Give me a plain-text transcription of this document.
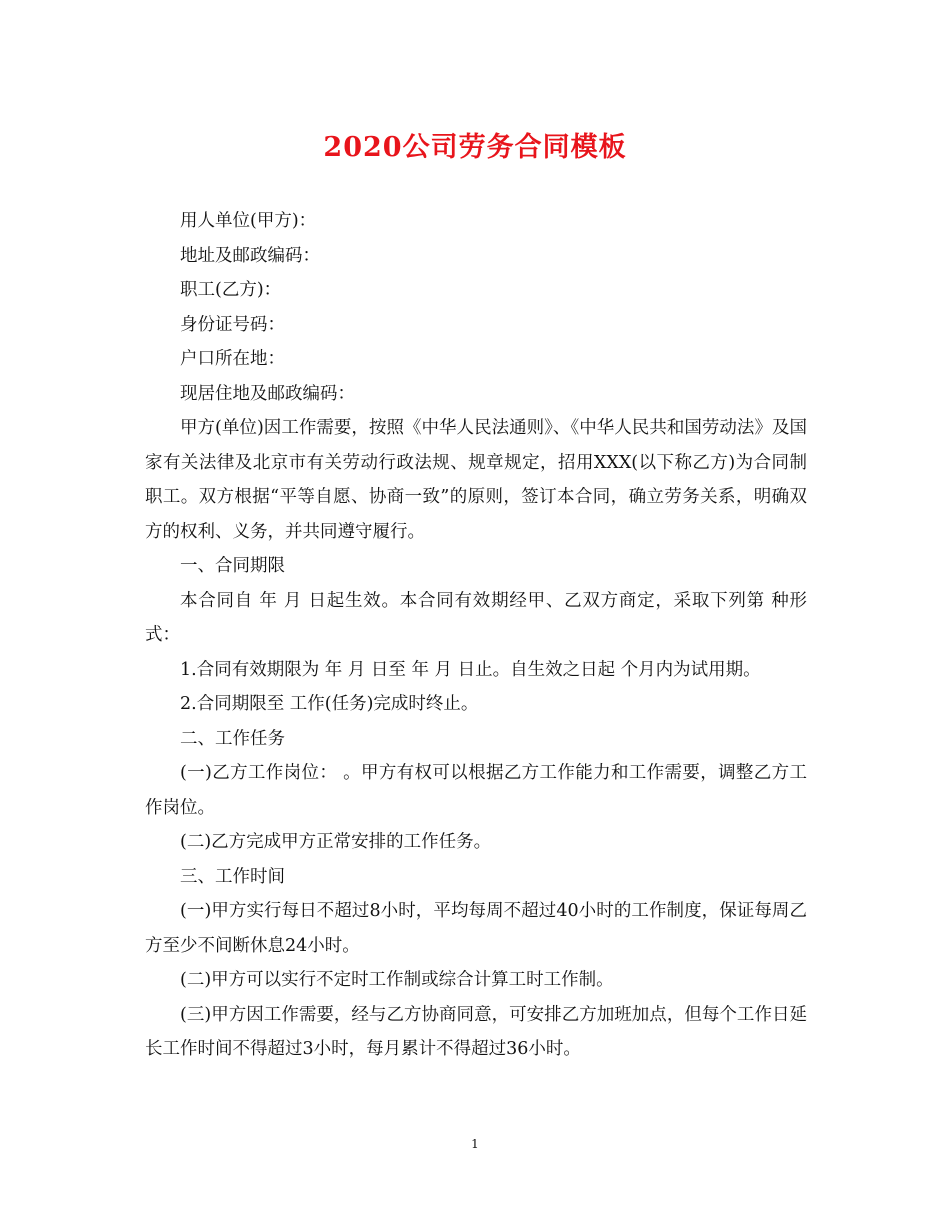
2020公司劳务合同模板

用人单位(甲方)：

地址及邮政编码：

职工(乙方)：

身份证号码：

户口所在地：

现居住地及邮政编码：

甲方(单位)因工作需要，按照《中华人民法通则》、《中华人民共和国劳动法》及国家有关法律及北京市有关劳动行政法规、规章规定，招用XXX(以下称乙方)为合同制职工。双方根据“平等自愿、协商一致”的原则，签订本合同，确立劳务关系，明确双方的权利、义务，并共同遵守履行。

一、合同期限

本合同自 年 月 日起生效。本合同有效期经甲、乙双方商定，采取下列第 种形式：

1.合同有效期限为 年 月 日至 年 月 日止。自生效之日起 个月内为试用期。

2.合同期限至 工作(任务)完成时终止。

二、工作任务

(一)乙方工作岗位： 。甲方有权可以根据乙方工作能力和工作需要，调整乙方工作岗位。

(二)乙方完成甲方正常安排的工作任务。

三、工作时间

(一)甲方实行每日不超过8小时，平均每周不超过40小时的工作制度，保证每周乙方至少不间断休息24小时。

(二)甲方可以实行不定时工作制或综合计算工时工作制。

(三)甲方因工作需要，经与乙方协商同意，可安排乙方加班加点，但每个工作日延长工作时间不得超过3小时，每月累计不得超过36小时。

1
